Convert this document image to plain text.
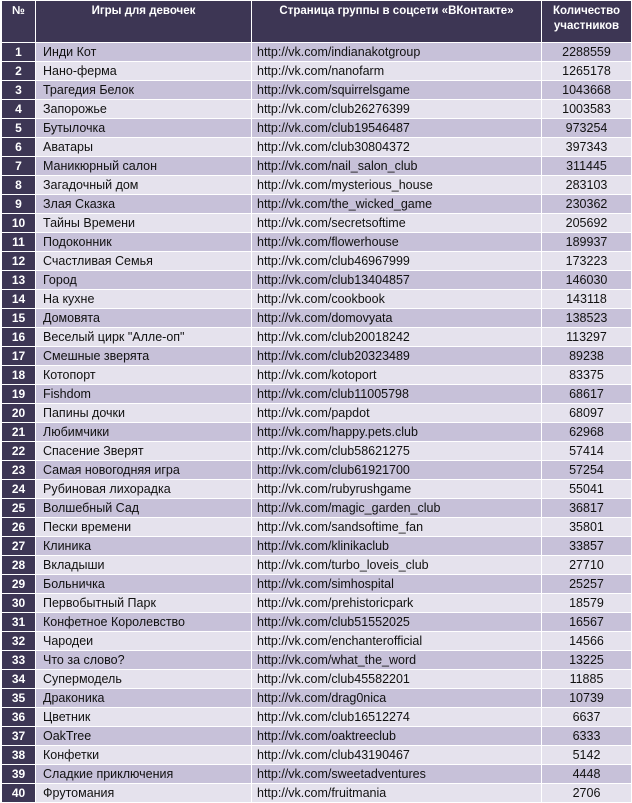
№	Игры для девочек	Страница группы в соцсети «ВКонтакте»	Количество участников
1	Инди Кот	http://vk.com/indianakotgroup	2288559
2	Нано-ферма	http://vk.com/nanofarm	1265178
3	Трагедия Белок	http://vk.com/squirrelsgame	1043668
4	Запорожье	http://vk.com/club26276399	1003583
5	Бутылочка	http://vk.com/club19546487	973254
6	Аватары	http://vk.com/club30804372	397343
7	Маникюрный салон	http://vk.com/nail_salon_club	311445
8	Загадочный дом	http://vk.com/mysterious_house	283103
9	Злая Сказка	http://vk.com/the_wicked_game	230362
10	Тайны Времени	http://vk.com/secretsoftime	205692
11	Подоконник	http://vk.com/flowerhouse	189937
12	Счастливая Семья	http://vk.com/club46967999	173223
13	Город	http://vk.com/club13404857	146030
14	На кухне	http://vk.com/cookbook	143118
15	Домовята	http://vk.com/domovyata	138523
16	Веселый цирк "Алле-оп"	http://vk.com/club20018242	113297
17	Смешные зверята	http://vk.com/club20323489	89238
18	Котопорт	http://vk.com/kotoport	83375
19	Fishdom	http://vk.com/club11005798	68617
20	Папины дочки	http://vk.com/papdot	68097
21	Любимчики	http://vk.com/happy.pets.club	62968
22	Спасение Зверят	http://vk.com/club58621275	57414
23	Самая новогодняя игра	http://vk.com/club61921700	57254
24	Рубиновая лихорадка	http://vk.com/rubyrushgame	55041
25	Волшебный Сад	http://vk.com/magic_garden_club	36817
26	Пески времени	http://vk.com/sandsoftime_fan	35801
27	Клиника	http://vk.com/klinikaclub	33857
28	Вкладыши	http://vk.com/turbo_loveis_club	27710
29	Больничка	http://vk.com/simhospital	25257
30	Первобытный Парк	http://vk.com/prehistoricpark	18579
31	Конфетное Королевство	http://vk.com/club51552025	16567
32	Чародеи	http://vk.com/enchanterofficial	14566
33	Что за слово?	http://vk.com/what_the_word	13225
34	Супермодель	http://vk.com/club45582201	11885
35	Драконика	http://vk.com/drag0nica	10739
36	Цветник	http://vk.com/club16512274	6637
37	OakTree	http://vk.com/oaktreeclub	6333
38	Конфетки	http://vk.com/club43190467	5142
39	Сладкие приключения	http://vk.com/sweetadventures	4448
40	Фрутомания	http://vk.com/fruitmania	2706
